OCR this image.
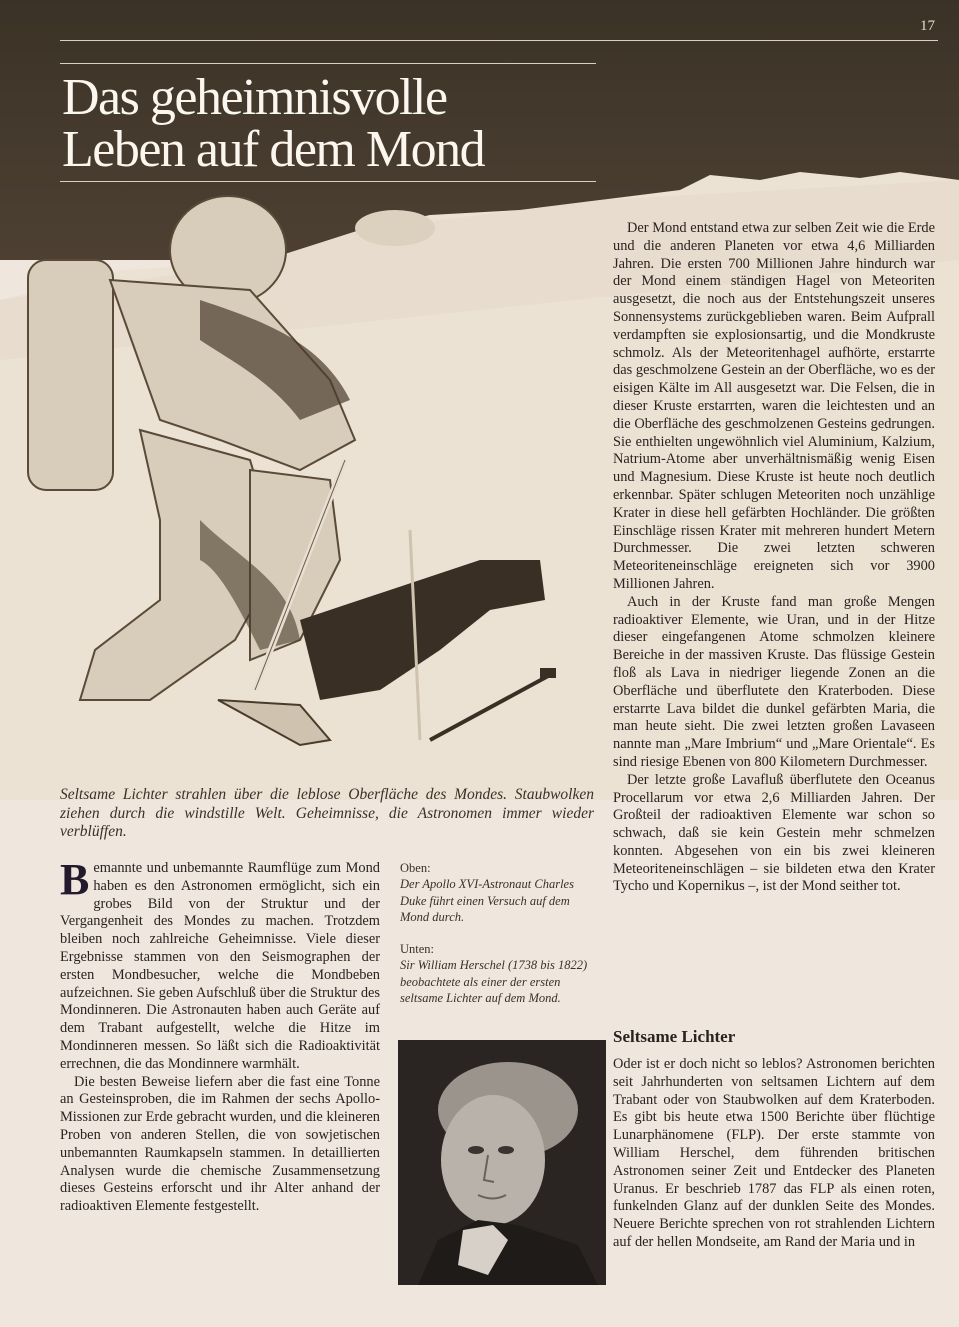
17
Das geheimnisvolle
Leben auf dem Mond

Der Mond entstand etwa zur selben Zeit wie die Erde und die anderen Planeten vor etwa 4,6 Milliarden Jahren. Die ersten 700 Millionen Jahre hindurch war der Mond einem ständigen Hagel von Meteoriten ausgesetzt, die noch aus der Entstehungszeit unseres Sonnensystems zurückgeblieben waren. Beim Aufprall verdampften sie explosionsartig, und die Mondkruste schmolz. Als der Meteoritenhagel aufhörte, erstarrte das geschmolzene Gestein an der Oberfläche, wo es der eisigen Kälte im All ausgesetzt war. Die Felsen, die in dieser Kruste erstarrten, waren die leichtesten und an die Oberfläche des geschmolzenen Gesteins gedrungen. Sie enthielten ungewöhnlich viel Aluminium, Kalzium, Natrium-Atome aber unverhältnismäßig wenig Eisen und Magnesium. Diese Kruste ist heute noch deutlich erkennbar. Später schlugen Meteoriten noch unzählige Krater in diese hell gefärbten Hochländer. Die größten Einschläge rissen Krater mit mehreren hundert Metern Durchmesser. Die zwei letzten schweren Meteoriteneinschläge ereigneten sich vor 3900 Millionen Jahren.

Auch in der Kruste fand man große Mengen radioaktiver Elemente, wie Uran, und in der Hitze dieser eingefangenen Atome schmolzen kleinere Bereiche in der massiven Kruste. Das flüssige Gestein floß als Lava in niedriger liegende Zonen an die Oberfläche und überflutete den Kraterboden. Diese erstarrte Lava bildet die dunkel gefärbten Maria, die man heute sieht. Die zwei letzten großen Lavaseen nannte man „Mare Imbrium“ und „Mare Orientale“. Es sind riesige Ebenen von 800 Kilometern Durchmesser.

Der letzte große Lavafluß überflutete den Oceanus Procellarum vor etwa 2,6 Milliarden Jahren. Der Großteil der radioaktiven Elemente war schon so schwach, daß sie kein Gestein mehr schmelzen konnten. Abgesehen von ein bis zwei kleineren Meteoriteneinschlägen – sie bildeten etwa den Krater Tycho und Kopernikus –, ist der Mond seither tot.

Seltsame Lichter

Oder ist er doch nicht so leblos? Astronomen berichten seit Jahrhunderten von seltsamen Lichtern auf dem Trabant oder von Staubwolken auf dem Kraterboden. Es gibt bis heute etwa 1500 Berichte über flüchtige Lunarphänomene (FLP). Der erste stammte von William Herschel, dem führenden britischen Astronomen seiner Zeit und Entdecker des Planeten Uranus. Er beschrieb 1787 das FLP als einen roten, funkelnden Glanz auf der dunklen Seite des Mondes. Neuere Berichte sprechen von rot strahlenden Lichtern auf der hellen Mondseite, am Rand der Maria und in

Seltsame Lichter strahlen über die leblose Oberfläche des Mondes. Staubwolken ziehen durch die windstille Welt. Geheimnisse, die Astronomen immer wieder verblüffen.

Bemannte und unbemannte Raumflüge zum Mond haben es den Astronomen ermöglicht, sich ein grobes Bild von der Struktur und der Vergangenheit des Mondes zu machen. Trotzdem bleiben noch zahlreiche Geheimnisse. Viele dieser Ergebnisse stammen von den Seismographen der ersten Mondbesucher, welche die Mondbeben aufzeichnen. Sie geben Aufschluß über die Struktur des Mondinneren. Die Astronauten haben auch Geräte auf dem Trabant aufgestellt, welche die Hitze im Mondinneren messen. So läßt sich die Radioaktivität errechnen, die das Mondinnere warmhält.

Die besten Beweise liefern aber die fast eine Tonne an Gesteinsproben, die im Rahmen der sechs Apollo-Missionen zur Erde gebracht wurden, und die kleineren Proben von anderen Stellen, die von sowjetischen unbemannten Raumkapseln stammen. In detaillierten Analysen wurde die chemische Zusammensetzung dieses Gesteins erforscht und ihr Alter anhand der radioaktiven Elemente festgestellt.

Oben:
Der Apollo XVI-Astronaut Charles Duke führt einen Versuch auf dem Mond durch.
Unten:
Sir William Herschel (1738 bis 1822) beobachtete als einer der ersten seltsame Lichter auf dem Mond.
